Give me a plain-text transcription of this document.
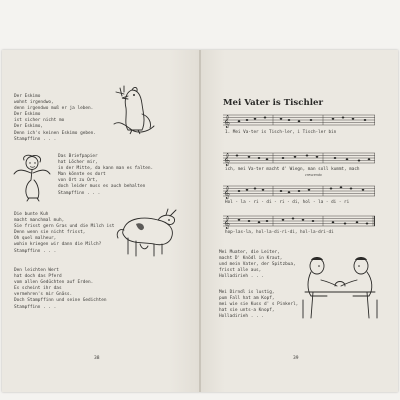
Der Eskimo
wohnt irgendwo,
denn irgendwo muß er ja leben.
Der Eskimo
ist sicher nicht mo
Der Eskimo,
Denn ich's keinen Eskimo geben.
Stampffinn . . .
Das Briefpapier
hat Löcher mir,
in der Mitte, da kann man es falten.
Man könnte es dort
von Ort zu Ort,
doch leider muss es auch behalten
Stampffinn . . .
Die bunte Kuh
macht manchmal muh,
Sie frisst gern Gras und die Milch ist
Denn wenn sie nicht frisst,
Oh quel malheur,
wohin kriegen wir dann die Milch?
Stampffinn . . .
Den leichten Wert
hat doch das Pferd
vom allen Gedüchten auf Erden.
Es scheint ihr das
vermehren's mir Gnäss.
Doch Stampffinn und seine Gedichten
Stampffinn . . .

38

Mei Vater is Tischler
𝄞

1. Mei Va-ter is Tisch-ler, i Tisch-ler bin

𝄞

ich, mei Va-ter macht d' Wiegn, man soll kummt, mach

crescendo

𝄞

Hol - la - ri - di - ri - di, hol - la - di - ri

𝄞

hop-las-la, hol-la-di-ri-di, hol-la-dri-di

Mei Muater, die Leiter,
macht D' Knödl in Kraut,
und mein Vater, der Spitzbua,
frisst alle aus,
Holladirieh . . .
Mei Dirndl is lustig,
pum Fall hat am Kopf,
mei wie sie Kuss d' s Pinkerl,
hat sie unts-a Knopf,
Holladirieh . . .

39
